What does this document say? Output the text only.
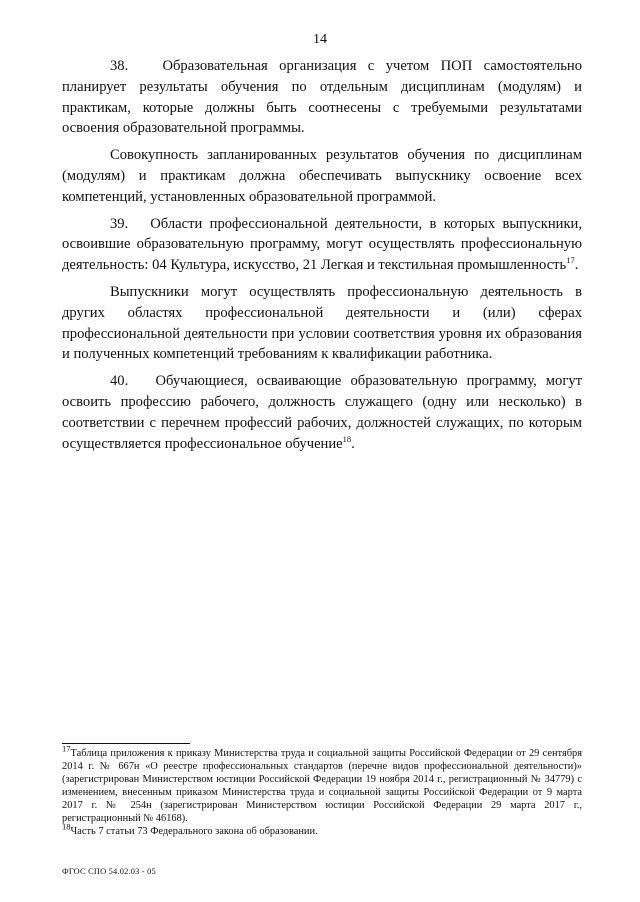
14

38.   Образовательная организация с учетом ПОП самостоятельно планирует результаты обучения по отдельным дисциплинам (модулям) и практикам, которые должны быть соотнесены с требуемыми результатами освоения образовательной программы.

Совокупность запланированных результатов обучения по дисциплинам (модулям) и практикам должна обеспечивать выпускнику освоение всех компетенций, установленных образовательной программой.

39.   Области профессиональной деятельности, в которых выпускники, освоившие образовательную программу, могут осуществлять профессиональную деятельность: 04 Культура, искусство, 21 Легкая и текстильная промышленность$^{17}$.

Выпускники могут осуществлять профессиональную деятельность в других областях профессиональной деятельности и (или) сферах профессиональной деятельности при условии соответствия уровня их образования и полученных компетенций требованиям к квалификации работника.

40.   Обучающиеся, осваивающие образовательную программу, могут освоить профессию рабочего, должность служащего (одну или несколько) в соответствии с перечнем профессий рабочих, должностей служащих, по которым осуществляется профессиональное обучение$^{18}$.

$^{17}$Таблица приложения к приказу Министерства труда и социальной защиты Российской Федерации от 29 сентября 2014 г. № 667н «О реестре профессиональных стандартов (перечне видов профессиональной деятельности)» (зарегистрирован Министерством юстиции Российской Федерации 19 ноября 2014 г., регистрационный № 34779) с изменением, внесенным приказом Министерства труда и социальной защиты Российской Федерации от 9 марта 2017 г. № 254н (зарегистрирован Министерством юстиции Российской Федерации 29 марта 2017 г., регистрационный № 46168).

$^{18}$Часть 7 статьи 73 Федерального закона об образовании.

ФГОС СПО 54.02.03 - 05
